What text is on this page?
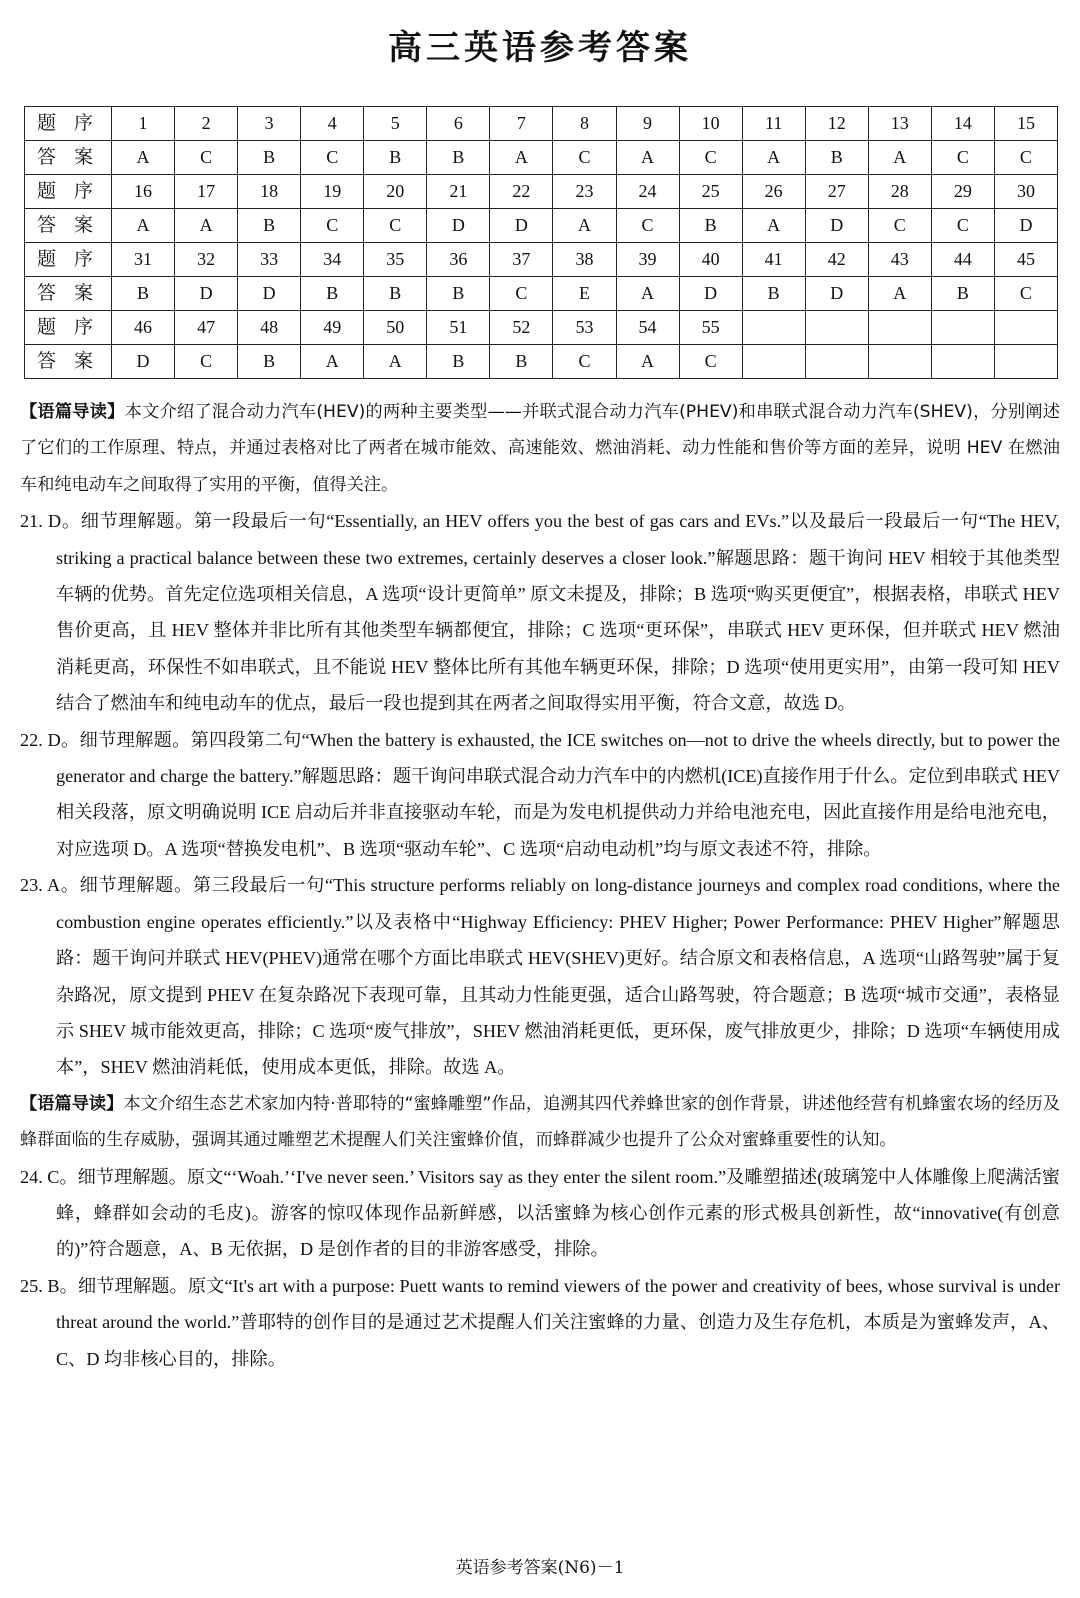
高三英语参考答案
题 序	1	2	3	4	5	6	7	8	9	10	11	12	13	14	15
答 案	A	C	B	C	B	B	A	C	A	C	A	B	A	C	C
题 序	16	17	18	19	20	21	22	23	24	25	26	27	28	29	30
答 案	A	A	B	C	C	D	D	A	C	B	A	D	C	C	D
题 序	31	32	33	34	35	36	37	38	39	40	41	42	43	44	45
答 案	B	D	D	B	B	B	C	E	A	D	B	D	A	B	C
题 序	46	47	48	49	50	51	52	53	54	55					
答 案	D	C	B	A	A	B	B	C	A	C					

【语篇导读】本文介绍了混合动力汽车(HEV)的两种主要类型——并联式混合动力汽车(PHEV)和串联式混合动力汽车(SHEV)，分别阐述了它们的工作原理、特点，并通过表格对比了两者在城市能效、高速能效、燃油消耗、动力性能和售价等方面的差异，说明 HEV 在燃油车和纯电动车之间取得了实用的平衡，值得关注。

21. D。细节理解题。第一段最后一句“Essentially, an HEV offers you the best of gas cars and EVs.”以及最后一段最后一句“The HEV, striking a practical balance between these two extremes, certainly deserves a closer look.”解题思路：题干询问 HEV 相较于其他类型车辆的优势。首先定位选项相关信息，A 选项“设计更简单” 原文未提及，排除；B 选项“购买更便宜”，根据表格，串联式 HEV 售价更高，且 HEV 整体并非比所有其他类型车辆都便宜，排除；C 选项“更环保”，串联式 HEV 更环保，但并联式 HEV 燃油消耗更高，环保性不如串联式，且不能说 HEV 整体比所有其他车辆更环保，排除；D 选项“使用更实用”，由第一段可知 HEV 结合了燃油车和纯电动车的优点，最后一段也提到其在两者之间取得实用平衡，符合文意，故选 D。

22. D。细节理解题。第四段第二句“When the battery is exhausted, the ICE switches on—not to drive the wheels directly, but to power the generator and charge the battery.”解题思路：题干询问串联式混合动力汽车中的内燃机(ICE)直接作用于什么。定位到串联式 HEV 相关段落，原文明确说明 ICE 启动后并非直接驱动车轮，而是为发电机提供动力并给电池充电，因此直接作用是给电池充电，对应选项 D。A 选项“替换发电机”、B 选项“驱动车轮”、C 选项“启动电动机”均与原文表述不符，排除。

23. A。细节理解题。第三段最后一句“This structure performs reliably on long-distance journeys and complex road conditions, where the combustion engine operates efficiently.”以及表格中“Highway Efficiency: PHEV Higher; Power Performance: PHEV Higher”解题思路：题干询问并联式 HEV(PHEV)通常在哪个方面比串联式 HEV(SHEV)更好。结合原文和表格信息，A 选项“山路驾驶”属于复杂路况，原文提到 PHEV 在复杂路况下表现可靠，且其动力性能更强，适合山路驾驶，符合题意；B 选项“城市交通”，表格显示 SHEV 城市能效更高，排除；C 选项“废气排放”，SHEV 燃油消耗更低，更环保，废气排放更少，排除；D 选项“车辆使用成本”，SHEV 燃油消耗低，使用成本更低，排除。故选 A。

【语篇导读】本文介绍生态艺术家加内特·普耶特的“蜜蜂雕塑”作品，追溯其四代养蜂世家的创作背景，讲述他经营有机蜂蜜农场的经历及蜂群面临的生存威胁，强调其通过雕塑艺术提醒人们关注蜜蜂价值，而蜂群减少也提升了公众对蜜蜂重要性的认知。

24. C。细节理解题。原文“‘Woah.’‘I've never seen.’ Visitors say as they enter the silent room.”及雕塑描述(玻璃笼中人体雕像上爬满活蜜蜂，蜂群如会动的毛皮)。游客的惊叹体现作品新鲜感，以活蜜蜂为核心创作元素的形式极具创新性，故“innovative(有创意的)”符合题意，A、B 无依据，D 是创作者的目的非游客感受，排除。

25. B。细节理解题。原文“It's art with a purpose: Puett wants to remind viewers of the power and creativity of bees, whose survival is under threat around the world.”普耶特的创作目的是通过艺术提醒人们关注蜜蜂的力量、创造力及生存危机，本质是为蜜蜂发声，A、C、D 均非核心目的，排除。

英语参考答案(N6)－1
